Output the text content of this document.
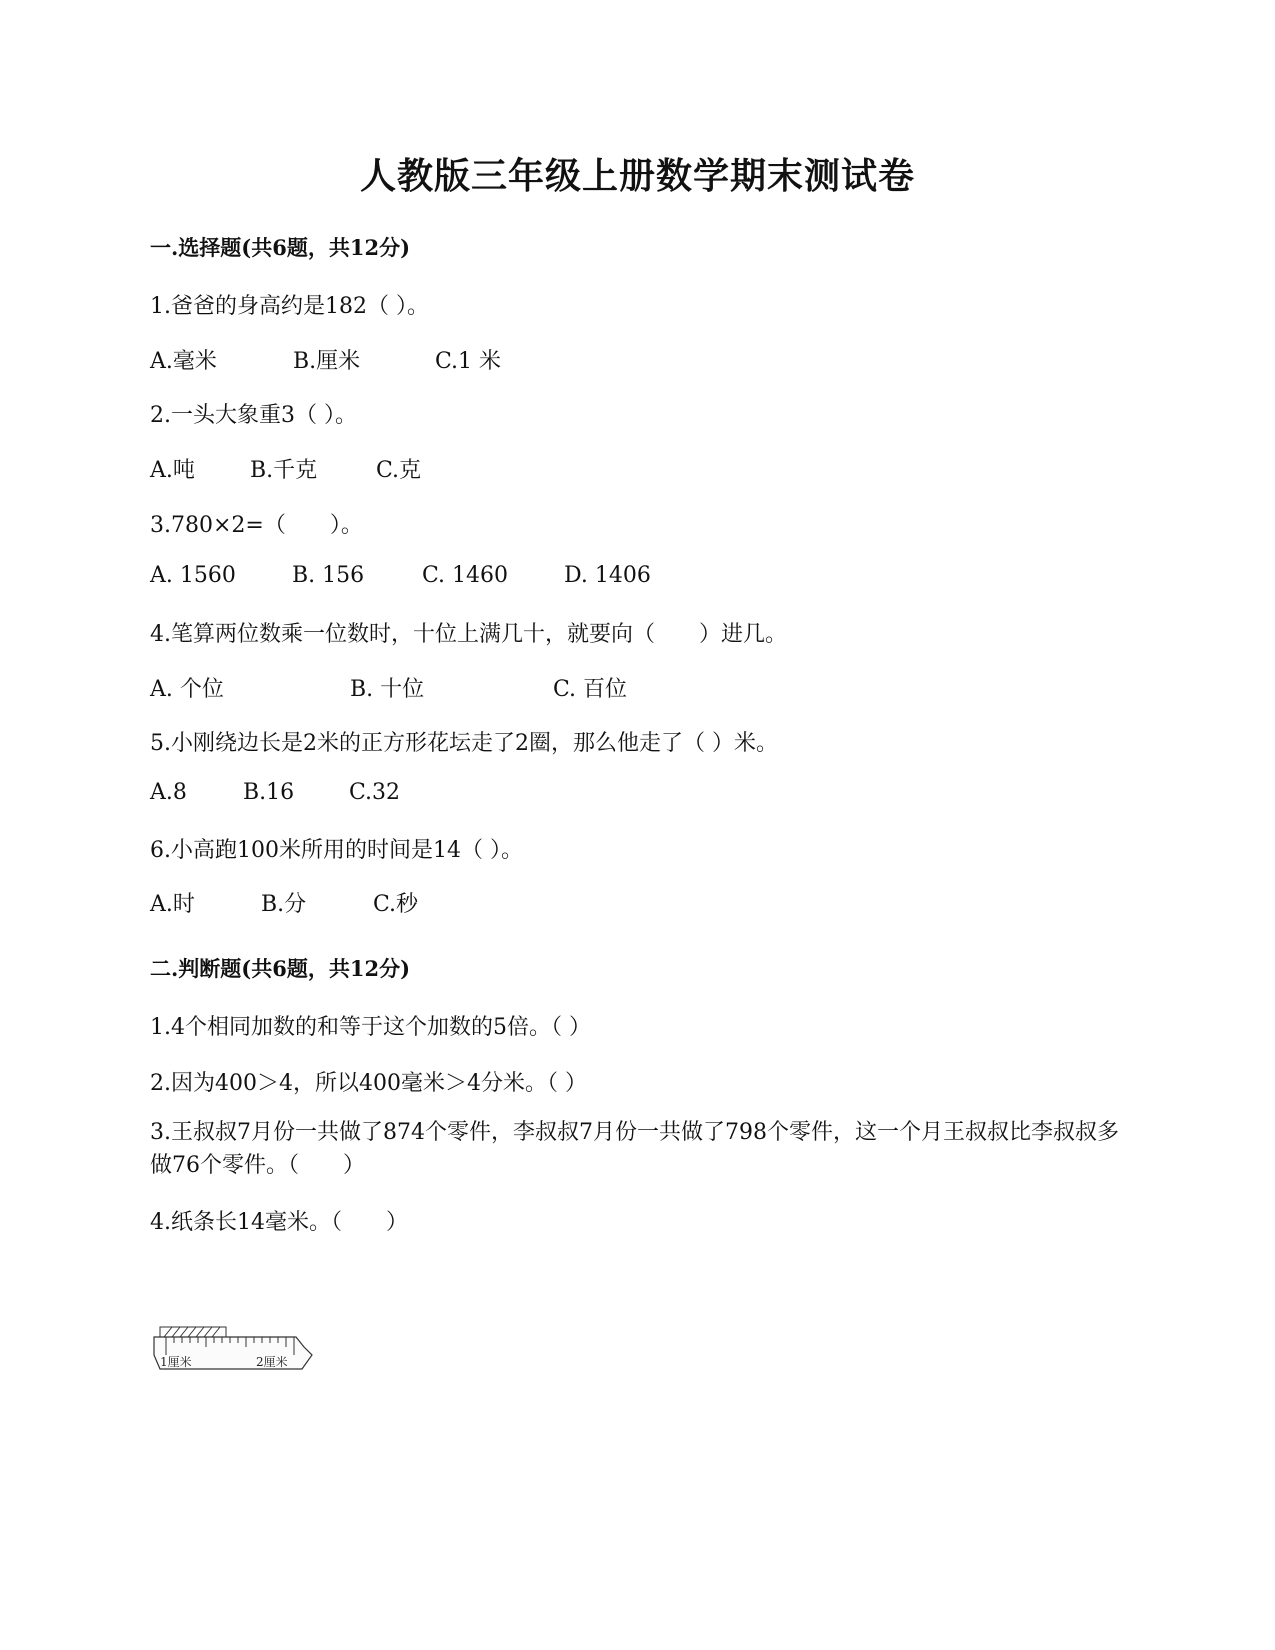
人教版三年级上册数学期末测试卷
一.选择题(共6题，共12分)
1.爸爸的身高约是182（ ）。
A.毫米	B.厘米	C.1 米
2.一头大象重3（ ）。
A.吨	B.千克	C.克
3.780×2=（　　）。
A. 1560	B. 156	C. 1460	D. 1406
4.笔算两位数乘一位数时，十位上满几十，就要向（　　）进几。
A. 个位	B. 十位	C. 百位
5.小刚绕边长是2米的正方形花坛走了2圈，那么他走了（ ）米。
A.8	B.16 C.32
6.小高跑100米所用的时间是14（ ）。
A.时	B.分	C.秒
二.判断题(共6题，共12分)
1.4个相同加数的和等于这个加数的5倍。（ ）
2.因为400＞4，所以400毫米＞4分米。（ ）
3.王叔叔7月份一共做了874个零件，李叔叔7月份一共做了798个零件，这一个月王叔叔比李叔叔多做76个零件。（　　）
4.纸条长14毫米。（　　）
1厘米	2厘米
